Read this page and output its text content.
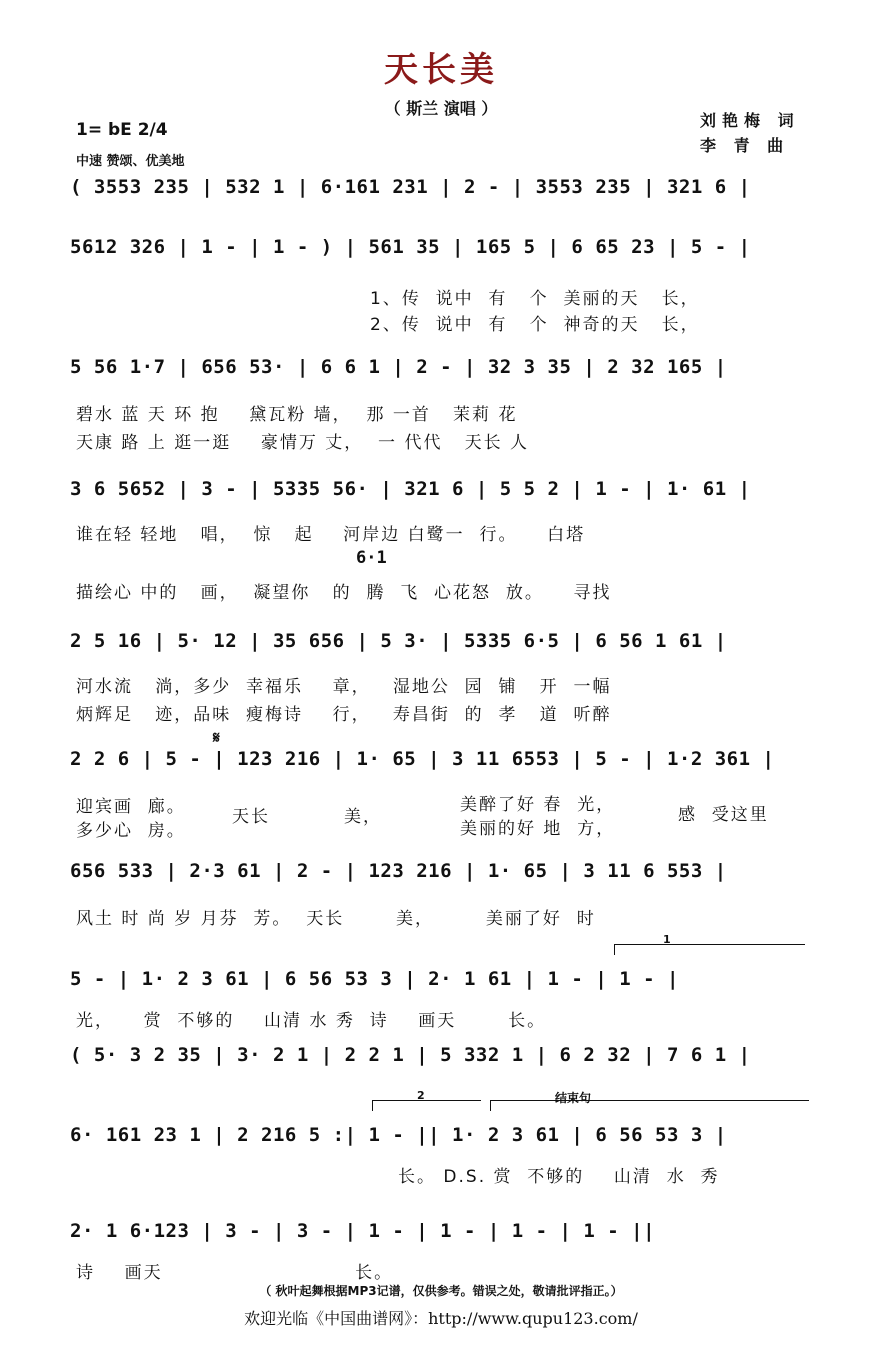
天长美
（ 斯兰 演唱 ）
刘艳梅 词
李 青 曲
1= bE 2/4
中速 赞颂、优美地
( 3553 235 | 532 1 | 6·161 231 | 2 - | 3553 235 | 321 6 |
5612 326 | 1 - | 1 - ) | 561 35 | 165 5 | 6 65 23 | 5 - |
1、传  说中  有   个  美丽的天   长，
2、传  说中  有   个  神奇的天   长，
5 56 1·7 | 656 53· | 6 6 1 | 2 - | 32 3 35 | 2 32 165 |
碧水 蓝 天 环 抱    黛瓦粉 墙，  那 一首   茉莉 花
天康 路 上 逛一逛    豪情万 丈，  一 代代   天长 人
3 6 5652 | 3 - | 5335 56· | 321 6 | 5 5 2 | 1 - | 1· 61 |
谁在轻 轻地   唱，  惊   起    河岸边 白鹭一  行。    白塔
6·1
描绘心 中的   画，  凝望你   的  腾  飞  心花怒  放。    寻找
2 5 16 | 5· 12 | 35 656 | 5 3· | 5335 6·5 | 6 56 1 61 |
河水流   淌，多少  幸福乐    章，   湿地公  园  铺   开  一幅
炳辉足   迹，品味  瘦梅诗    行，   寿昌街  的  孝   道  听醉
𝄋
2 2 6 | 5 - | 123 216 | 1· 65 | 3 11 6553 | 5 - | 1·2 361 |
迎宾画  廊。
多少心  房。
天长          美，
美醉了好 春  光，
美丽的好 地  方，
感  受这里
656 533 | 2·3 61 | 2 - | 123 216 | 1· 65 | 3 11 6 553 |
风土 时 尚 岁 月芬  芳。  天长       美，       美丽了好  时
1
5 - | 1· 2 3 61 | 6 56 53 3 | 2· 1 61 | 1 - | 1 - |
光，    赏  不够的    山清 水 秀  诗    画天       长。
( 5· 3 2 35 | 3· 2 1 | 2 2 1 | 5 332 1 | 6 2 32 | 7 6 1 |
2	结束句
6· 161 23 1 | 2 216 5 :| 1 - || 1· 2 3 61 | 6 56 53 3 |
长。 D.S. 赏  不够的    山清  水  秀
2· 1 6·123 | 3 - | 3 - | 1 - | 1 - | 1 - | 1 - ||
诗    画天                          长。
（ 秋叶起舞根据MP3记谱，仅供参考。错误之处，敬请批评指正。）
欢迎光临《中国曲谱网》：http://www.qupu123.com/
